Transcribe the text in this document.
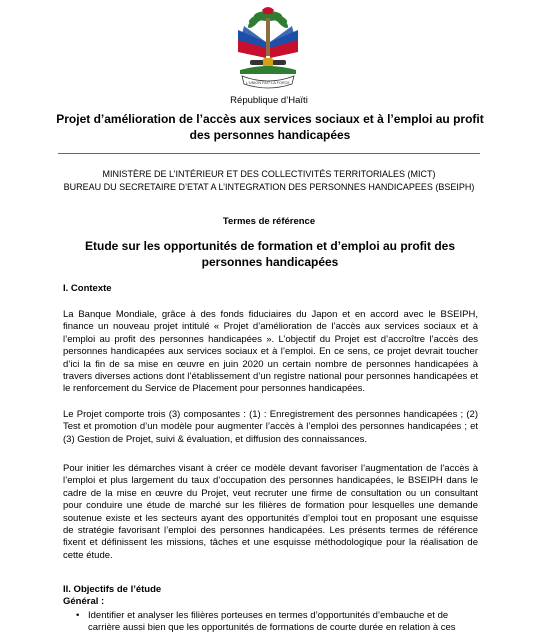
L'UNION FAIT LA FORCE
République d’Haïti
Projet d’amélioration de l’accès aux services sociaux et à l’emploi au profit des personnes handicapées
MINISTÈRE DE L’INTÉRIEUR ET DES COLLECTIVITÉS TERRITORIALES (MICT)
BUREAU DU SECRETAIRE D’ETAT A L’INTEGRATION DES PERSONNES HANDICAPEES (BSEIPH)
Termes de référence
Etude sur les opportunités de formation et d’emploi au profit des personnes handicapées
I. Contexte
La Banque Mondiale, grâce à des fonds fiduciaires du Japon et en accord avec le BSEIPH, finance un nouveau projet intitulé « Projet d’amélioration de l’accès aux services sociaux et à l’emploi au profit des personnes handicapées ». L’objectif du Projet est d’accroître l’accès des personnes handicapées aux services sociaux et à l’emploi. En ce sens, ce projet devrait toucher d’ici la fin de sa mise en œuvre en juin 2020 un certain nombre de personnes handicapées à travers diverses actions dont l’établissement d’un registre national pour personnes handicapées et le renforcement du Service de Placement pour personnes handicapées.
Le Projet comporte trois (3) composantes : (1) : Enregistrement des personnes handicapées ; (2) Test et promotion d’un modèle pour augmenter l’accès à l’emploi des personnes handicapées ; et (3) Gestion de Projet, suivi & évaluation, et diffusion des connaissances.
Pour initier les démarches visant à créer ce modèle devant favoriser l’augmentation de l’accès à l’emploi et plus largement du taux d’occupation des personnes handicapées, le BSEIPH dans le cadre de la mise en œuvre du Projet, veut recruter une firme de consultation ou un consultant pour conduire une étude de marché sur les filières de formation pour lesquelles une demande soutenue existe et les secteurs ayant des opportunités d’emploi tout en proposant une esquisse de stratégie favorisant l’emploi des personnes handicapées. Les présents termes de référence fixent et définissent les missions, tâches et une esquisse méthodologique pour la réalisation de cette étude.
II. Objectifs de l’étude
Général :
• Identifier et analyser les filières porteuses en termes d’opportunités d’embauche et de carrière aussi bien que les opportunités de formations de courte durée en relation à ces
